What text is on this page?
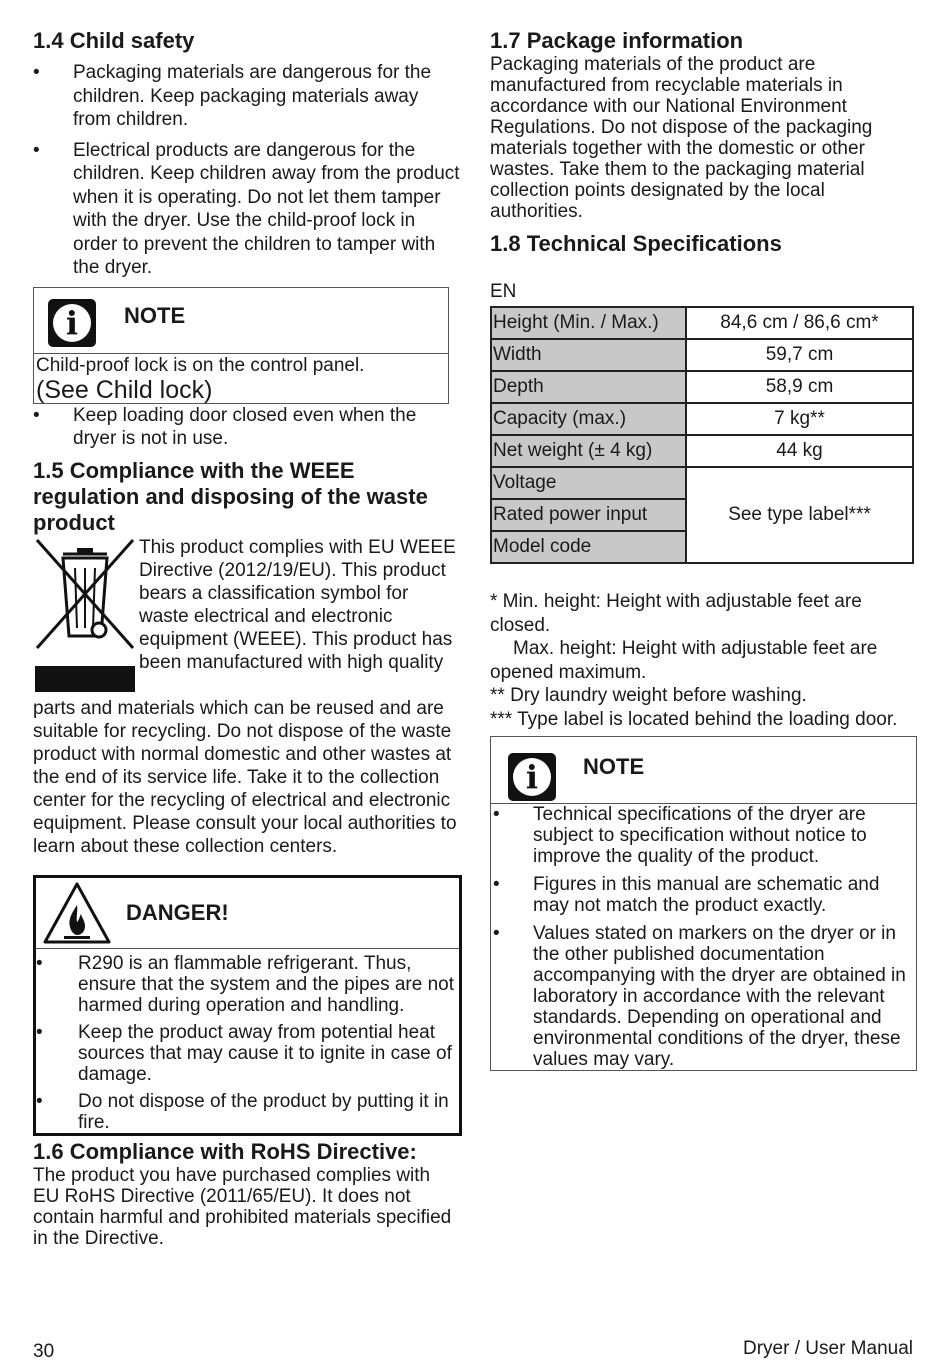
1.4 Child safety
• Packaging materials are dangerous for the children. Keep packaging materials away from children.
• Electrical products are dangerous for the children. Keep children away from the product when it is operating. Do not let them tamper with the dryer. Use the child-proof lock in order to prevent the children to tamper with the dryer.
i
NOTE

Child-proof lock is on the control panel.

(See Child lock)

• Keep loading door closed even when the dryer is not in use.
1.5 Compliance with the WEEE regulation and disposing of the waste product

This product complies with EU WEEE Directive (2012/19/EU). This product bears a classification symbol for waste electrical and electronic equipment (WEEE). This product has been manufactured with high quality

parts and materials which can be reused and are suitable for recycling. Do not dispose of the waste product with normal domestic and other wastes at the end of its service life. Take it to the collection center for the recycling of electrical and electronic equipment. Please consult your local authorities to learn about these collection centers.

DANGER!
• R290 is an flammable refrigerant. Thus, ensure that the system and the pipes are not harmed during operation and handling.
• Keep the product away from potential heat sources that may cause it to ignite in case of damage.
• Do not dispose of the product by putting it in fire.
1.6 Compliance with RoHS Directive:

The product you have purchased complies with EU RoHS Directive (2011/65/EU). It does not contain harmful and prohibited materials specified in the Directive.

1.7 Package information

Packaging materials of the product are manufactured from recyclable materials in accordance with our National Environment Regulations. Do not dispose of the packaging materials together with the domestic or other wastes. Take them to the packaging material collection points designated by the local authorities.

1.8 Technical Specifications

EN

Height (Min. / Max.)	84,6 cm / 86,6 cm*
Width	59,7 cm
Depth	58,9 cm
Capacity (max.)	7 kg**
Net weight (± 4 kg)	44 kg
Voltage	See type label***
Rated power input	
Model code	

* Min. height: Height with adjustable feet are closed.

Max. height: Height with adjustable feet are opened maximum.

** Dry laundry weight before washing.

*** Type label is located behind the loading door.

i
NOTE
• Technical specifications of the dryer are subject to specification without notice to improve the quality of the product.
• Figures in this manual are schematic and may not match the product exactly.
• Values stated on markers on the dryer or in the other published documentation accompanying with the dryer are obtained in laboratory in accordance with the relevant standards. Depending on operational and environmental conditions of the dryer, these values may vary.
30	Dryer / User Manual
